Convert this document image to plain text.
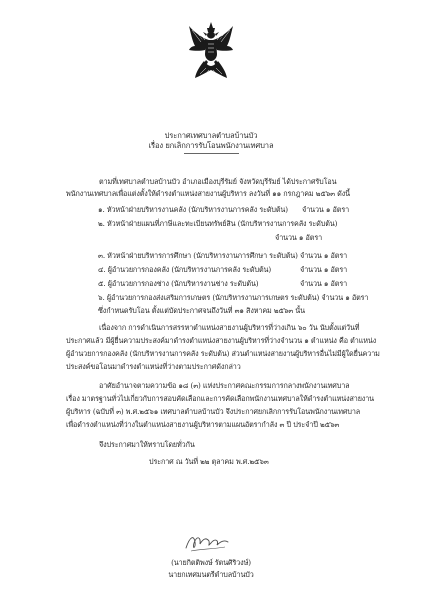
ประกาศเทศบาลตำบลบ้านบัว
เรื่อง ยกเลิกการรับโอนพนักงานเทศบาล
ตามที่เทศบาลตำบลบ้านบัว อำเภอเมืองบุรีรัมย์ จังหวัดบุรีรัมย์ ได้ประกาศรับโอน
พนักงานเทศบาลเพื่อแต่งตั้งให้ดำรงตำแหน่งสายงานผู้บริหาร ลงวันที่ ๑๑ กรกฎาคม ๒๕๖๓ ดังนี้
๑. หัวหน้าฝ่ายบริหารงานคลัง (นักบริหารงานการคลัง ระดับต้น) จำนวน ๑ อัตรา
๒. หัวหน้าฝ่ายแผนที่ภาษีและทะเบียนทรัพย์สิน (นักบริหารงานการคลัง ระดับต้น)
จำนวน ๑ อัตรา
๓. หัวหน้าฝ่ายบริหารการศึกษา (นักบริหารงานการศึกษา ระดับต้น) จำนวน ๑ อัตรา
๔. ผู้อำนวยการกองคลัง (นักบริหารงานการคลัง ระดับต้น)	จำนวน ๑ อัตรา
๕. ผู้อำนวยการกองช่าง (นักบริหารงานช่าง ระดับต้น)	จำนวน ๑ อัตรา
๖. ผู้อำนวยการกองส่งเสริมการเกษตร (นักบริหารงานการเกษตร ระดับต้น) จำนวน ๑ อัตรา
ซึ่งกำหนดรับโอน ตั้งแต่บัดประกาศจนถึงวันที่ ๓๑ สิงหาคม ๒๕๖๓ นั้น
เนื่องจาก การดำเนินการสรรหาตำแหน่งสายงานผู้บริหารที่ว่างเกิน ๖๐ วัน นับตั้งแต่วันที่
ประกาศแล้ว มีผู้ยื่นความประสงค์มาดำรงตำแหน่งสายงานผู้บริหารที่ว่างจำนวน ๑ ตำแหน่ง คือ ตำแหน่ง
ผู้อำนวยการกองคลัง (นักบริหารงานการคลัง ระดับต้น) ส่วนตำแหน่งสายงานผู้บริหารอื่นไม่มีผู้ใดยื่นความ
ประสงค์ขอโอนมาดำรงตำแหน่งที่ว่างตามประกาศดังกล่าว
อาศัยอำนาจตามความข้อ ๑๘ (๓) แห่งประกาศคณะกรรมการกลางพนักงานเทศบาล
เรื่อง มาตรฐานทั่วไปเกี่ยวกับการสอบคัดเลือกและการคัดเลือกพนักงานเทศบาลให้ดำรงตำแหน่งสายงาน
ผู้บริหาร (ฉบับที่ ๓) พ.ศ.๒๕๖๑ เทศบาลตำบลบ้านบัว จึงประกาศยกเลิกการรับโอนพนักงานเทศบาล
เพื่อดำรงตำแหน่งที่ว่างในตำแหน่งสายงานผู้บริหารตามแผนอัตรากำลัง ๓ ปี ประจำปี ๒๕๖๓
จึงประกาศมาให้ทราบโดยทั่วกัน
ประกาศ ณ วันที่ ๒๒ ตุลาคม พ.ศ.๒๕๖๓
(นายกิตติพงษ์ รัตนศิริวงษ์)
นายกเทศมนตรีตำบลบ้านบัว
